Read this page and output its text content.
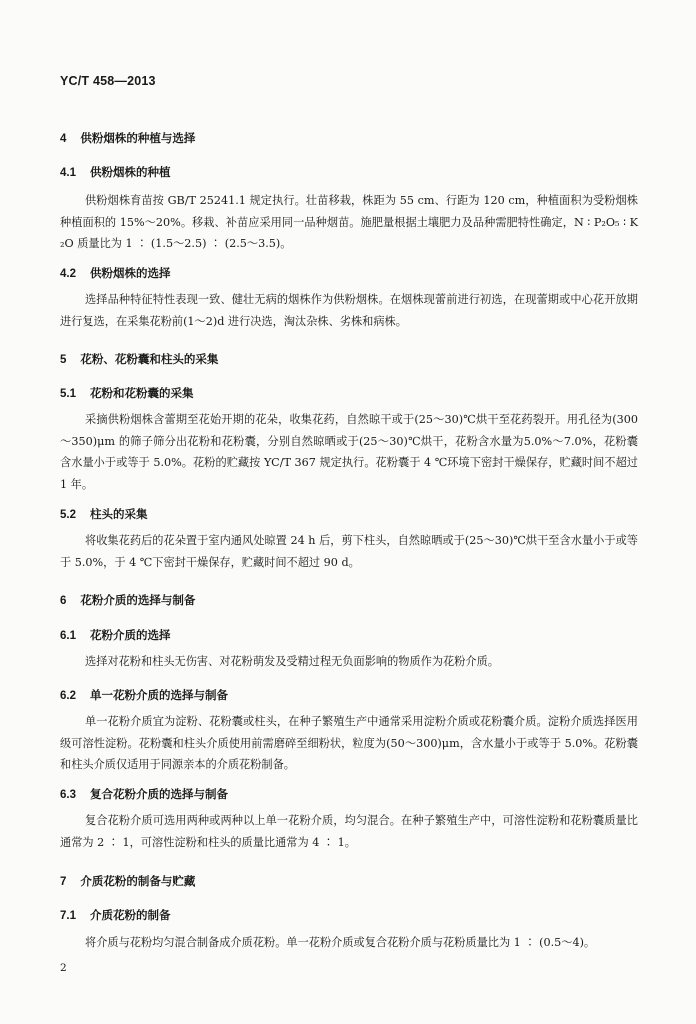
YC/T 458—2013
4 供粉烟株的种植与选择
4.1 供粉烟株的种植
供粉烟株育苗按 GB/T 25241.1 规定执行。壮苗移栽，株距为 55 cm、行距为 120 cm，种植面积为受粉烟株种植面积的 15%～20%。移栽、补苗应采用同一品种烟苗。施肥量根据土壤肥力及品种需肥特性确定，N ∶ P₂O₅ ∶ K₂O 质量比为 1 ∶ (1.5～2.5) ∶ (2.5～3.5)。
4.2 供粉烟株的选择
选择品种特征特性表现一致、健壮无病的烟株作为供粉烟株。在烟株现蕾前进行初选，在现蕾期或中心花开放期进行复选，在采集花粉前(1～2)d 进行决选，淘汰杂株、劣株和病株。
5 花粉、花粉囊和柱头的采集
5.1 花粉和花粉囊的采集
采摘供粉烟株含蕾期至花始开期的花朵，收集花药，自然晾干或于(25～30)℃烘干至花药裂开。用孔径为(300～350)μm 的筛子筛分出花粉和花粉囊，分别自然晾晒或于(25～30)℃烘干，花粉含水量为5.0%～7.0%，花粉囊含水量小于或等于 5.0%。花粉的贮藏按 YC/T 367 规定执行。花粉囊于 4 ℃环境下密封干燥保存，贮藏时间不超过 1 年。
5.2 柱头的采集
将收集花药后的花朵置于室内通风处晾置 24 h 后，剪下柱头，自然晾晒或于(25～30)℃烘干至含水量小于或等于 5.0%，于 4 ℃下密封干燥保存，贮藏时间不超过 90 d。
6 花粉介质的选择与制备
6.1 花粉介质的选择
选择对花粉和柱头无伤害、对花粉萌发及受精过程无负面影响的物质作为花粉介质。
6.2 单一花粉介质的选择与制备
单一花粉介质宜为淀粉、花粉囊或柱头，在种子繁殖生产中通常采用淀粉介质或花粉囊介质。淀粉介质选择医用级可溶性淀粉。花粉囊和柱头介质使用前需磨碎至细粉状，粒度为(50～300)μm，含水量小于或等于 5.0%。花粉囊和柱头介质仅适用于同源亲本的介质花粉制备。
6.3 复合花粉介质的选择与制备
复合花粉介质可选用两种或两种以上单一花粉介质，均匀混合。在种子繁殖生产中，可溶性淀粉和花粉囊质量比通常为 2 ∶ 1，可溶性淀粉和柱头的质量比通常为 4 ∶ 1。
7 介质花粉的制备与贮藏
7.1 介质花粉的制备
将介质与花粉均匀混合制备成介质花粉。单一花粉介质或复合花粉介质与花粉质量比为 1 ∶ (0.5～4)。
2
